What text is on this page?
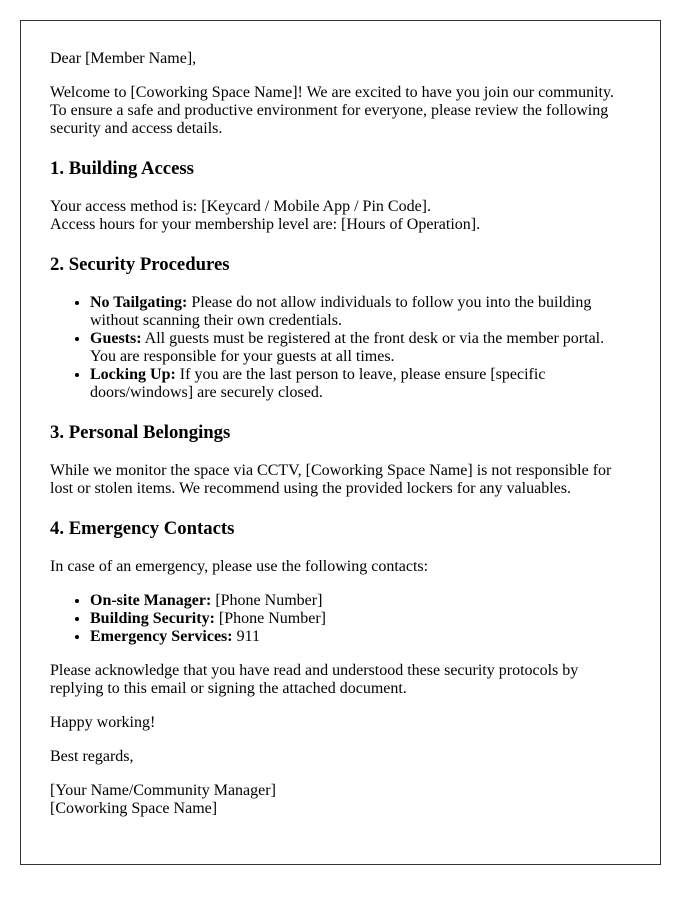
Dear [Member Name],

Welcome to [Coworking Space Name]! We are excited to have you join our community. To ensure a safe and productive environment for everyone, please review the following security and access details.

1. Building Access

Your access method is: [Keycard / Mobile App / Pin Code].
Access hours for your membership level are: [Hours of Operation].

2. Security Procedures
• No Tailgating: Please do not allow individuals to follow you into the building without scanning their own credentials.
• Guests: All guests must be registered at the front desk or via the member portal. You are responsible for your guests at all times.
• Locking Up: If you are the last person to leave, please ensure [specific doors/windows] are securely closed.
3. Personal Belongings

While we monitor the space via CCTV, [Coworking Space Name] is not responsible for lost or stolen items. We recommend using the provided lockers for any valuables.

4. Emergency Contacts

In case of an emergency, please use the following contacts:

• On-site Manager: [Phone Number]
• Building Security: [Phone Number]
• Emergency Services: 911

Please acknowledge that you have read and understood these security protocols by replying to this email or signing the attached document.

Happy working!

Best regards,

[Your Name/Community Manager]
[Coworking Space Name]
